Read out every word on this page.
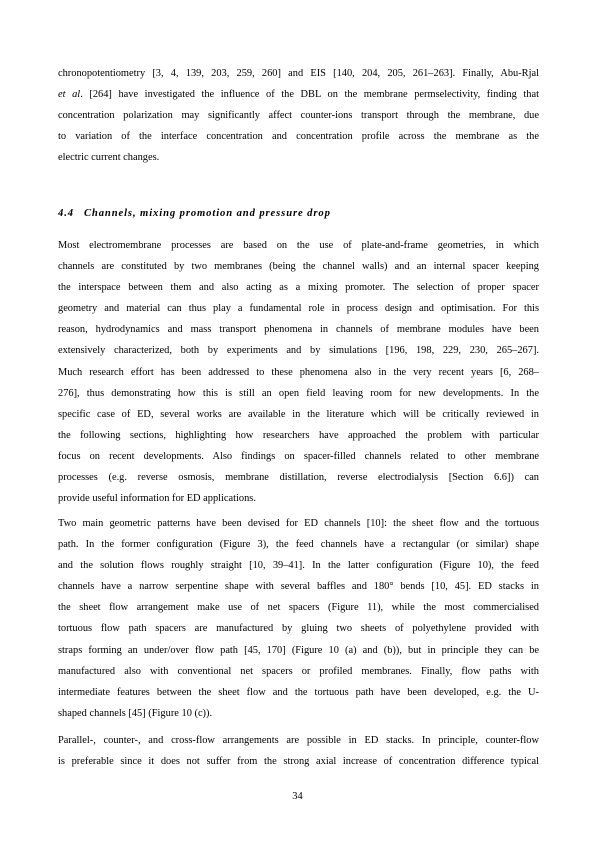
chronopotentiometry [3, 4, 139, 203, 259, 260] and EIS [140, 204, 205, 261–263]. Finally, Abu-Rjal
et al. [264] have investigated the influence of the DBL on the membrane permselectivity, finding that
concentration polarization may significantly affect counter-ions transport through the membrane, due
to variation of the interface concentration and concentration profile across the membrane as the
electric current changes.

4.4 Channels, mixing promotion and pressure drop

Most electromembrane processes are based on the use of plate-and-frame geometries, in which
channels are constituted by two membranes (being the channel walls) and an internal spacer keeping
the interspace between them and also acting as a mixing promoter. The selection of proper spacer
geometry and material can thus play a fundamental role in process design and optimisation. For this
reason, hydrodynamics and mass transport phenomena in channels of membrane modules have been
extensively characterized, both by experiments and by simulations [196, 198, 229, 230, 265–267].
Much research effort has been addressed to these phenomena also in the very recent years [6, 268–
276], thus demonstrating how this is still an open field leaving room for new developments. In the
specific case of ED, several works are available in the literature which will be critically reviewed in
the following sections, highlighting how researchers have approached the problem with particular
focus on recent developments. Also findings on spacer-filled channels related to other membrane
processes (e.g. reverse osmosis, membrane distillation, reverse electrodialysis [Section 6.6]) can
provide useful information for ED applications.

Two main geometric patterns have been devised for ED channels [10]: the sheet flow and the tortuous
path. In the former configuration (Figure 3), the feed channels have a rectangular (or similar) shape
and the solution flows roughly straight [10, 39–41]. In the latter configuration (Figure 10), the feed
channels have a narrow serpentine shape with several baffles and 180° bends [10, 45]. ED stacks in
the sheet flow arrangement make use of net spacers (Figure 11), while the most commercialised
tortuous flow path spacers are manufactured by gluing two sheets of polyethylene provided with
straps forming an under/over flow path [45, 170] (Figure 10 (a) and (b)), but in principle they can be
manufactured also with conventional net spacers or profiled membranes. Finally, flow paths with
intermediate features between the sheet flow and the tortuous path have been developed, e.g. the U-
shaped channels [45] (Figure 10 (c)).

Parallel-, counter-, and cross-flow arrangements are possible in ED stacks. In principle, counter-flow
is preferable since it does not suffer from the strong axial increase of concentration difference typical

34
